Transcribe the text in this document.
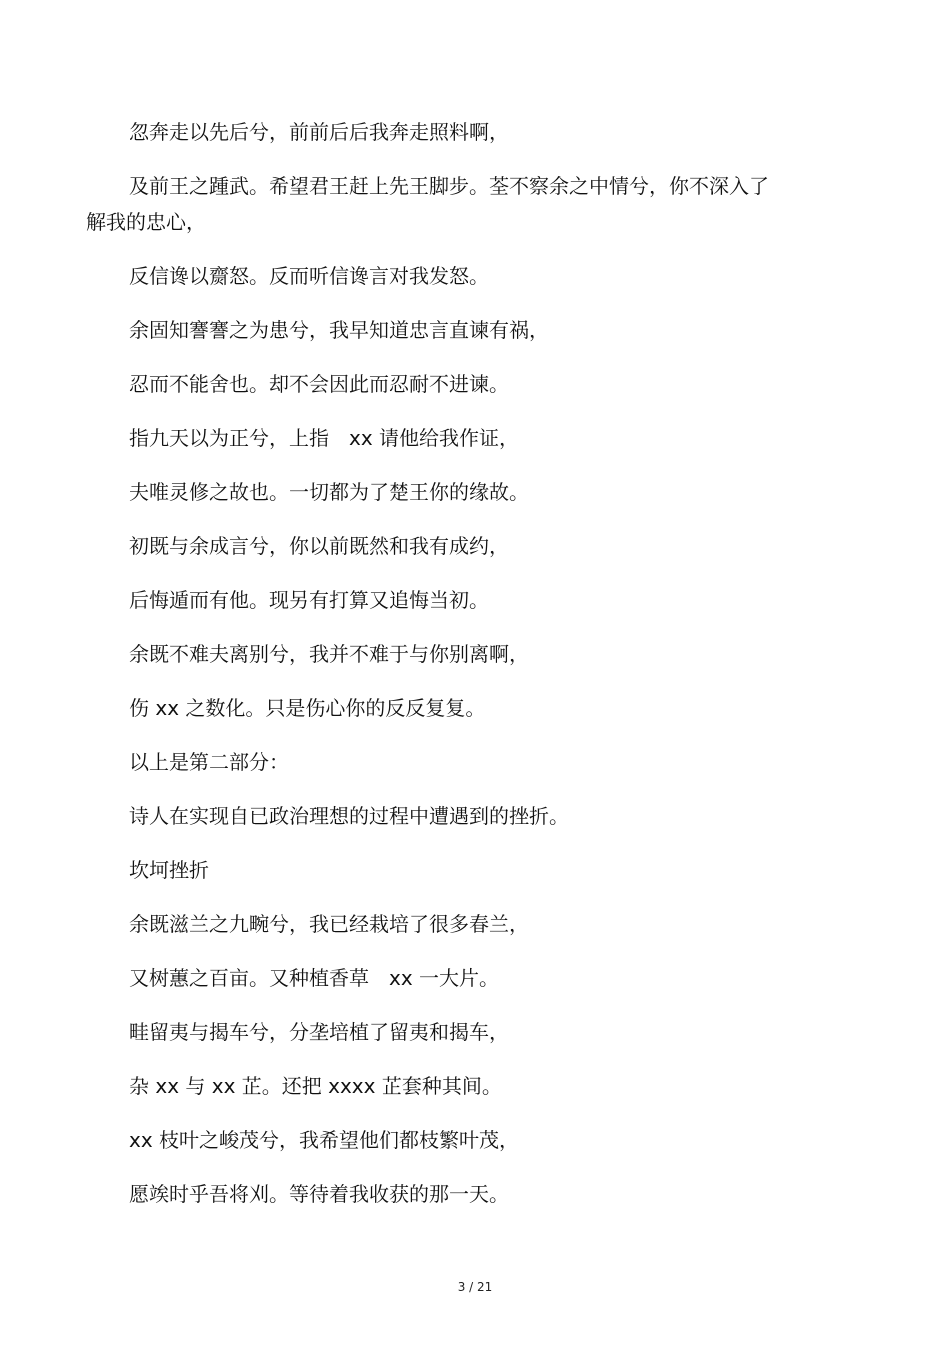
忽奔走以先后兮，前前后后我奔走照料啊，
及前王之踵武。希望君王赶上先王脚步。荃不察余之中情兮，你不深入了
解我的忠心，
反信谗以齌怒。反而听信谗言对我发怒。
余固知謇謇之为患兮，我早知道忠言直谏有祸，
忍而不能舍也。却不会因此而忍耐不进谏。
指九天以为正兮，上指　xx 请他给我作证，
夫唯灵修之故也。一切都为了楚王你的缘故。
初既与余成言兮，你以前既然和我有成约，
后悔遁而有他。现另有打算又追悔当初。
余既不难夫离别兮，我并不难于与你别离啊，
伤 xx 之数化。只是伤心你的反反复复。
以上是第二部分：
诗人在实现自已政治理想的过程中遭遇到的挫折。
坎坷挫折
余既滋兰之九畹兮，我已经栽培了很多春兰，
又树蕙之百亩。又种植香草　xx 一大片。
畦留夷与揭车兮，分垄培植了留夷和揭车，
杂 xx 与 xx 芷。还把 xxxx 芷套种其间。
xx 枝叶之峻茂兮，我希望他们都枝繁叶茂，
愿竢时乎吾将刈。等待着我收获的那一天。
3 / 21
